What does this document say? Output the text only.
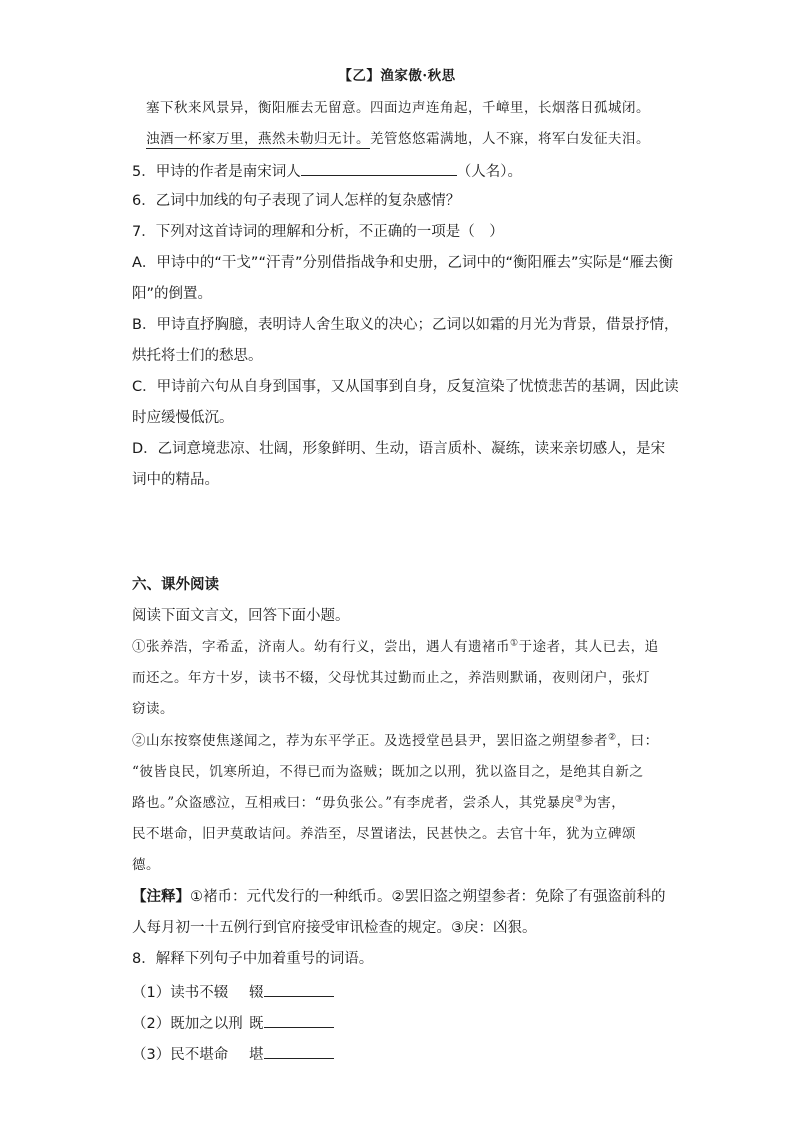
【乙】渔家傲·秋思
塞下秋来风景异，衡阳雁去无留意。四面边声连角起，千嶂里，长烟落日孤城闭。
浊酒一杯家万里，燕然未勒归无计。羌管悠悠霜满地，人不寐，将军白发征夫泪。
5．甲诗的作者是南宋词人	（人名）。
6．乙词中加线的句子表现了词人怎样的复杂感情？
7．下列对这首诗词的理解和分析，不正确的一项是（　）
A．甲诗中的“干戈”“汗青”分别借指战争和史册，乙词中的“衡阳雁去”实际是“雁去衡
阳”的倒置。
B．甲诗直抒胸臆，表明诗人舍生取义的决心；乙词以如霜的月光为背景，借景抒情，
烘托将士们的愁思。
C．甲诗前六句从自身到国事，又从国事到自身，反复渲染了忧愤悲苦的基调，因此读
时应缓慢低沉。
D．乙词意境悲凉、壮阔，形象鲜明、生动，语言质朴、凝练，读来亲切感人，是宋
词中的精品。
六、课外阅读
阅读下面文言文，回答下面小题。
①张养浩，字希孟，济南人。幼有行义，尝出，遇人有遗褚币①于途者，其人已去，追
而还之。年方十岁，读书不辍，父母忧其过勤而止之，养浩则默诵，夜则闭户，张灯
窃读。
②山东按察使焦遂闻之，荐为东平学正。及选授堂邑县尹，罢旧盗之朔望参者②，曰：
“彼皆良民，饥寒所迫，不得已而为盗贼；既加之以刑，犹以盗目之，是绝其自新之
路也。”众盗感泣，互相戒曰：“毋负张公。”有李虎者，尝杀人，其党暴戾③为害，
民不堪命，旧尹莫敢诘问。养浩至，尽置诸法，民甚快之。去官十年，犹为立碑颂
德。
【注释】①褚币：元代发行的一种纸币。②罢旧盗之朔望参者：免除了有强盗前科的
人每月初一十五例行到官府接受审讯检查的规定。③戾：凶狠。
8．解释下列句子中加着重号的词语。
（1）读书不辍 辍
（2）既加之以刑 既
（3）民不堪命 堪
